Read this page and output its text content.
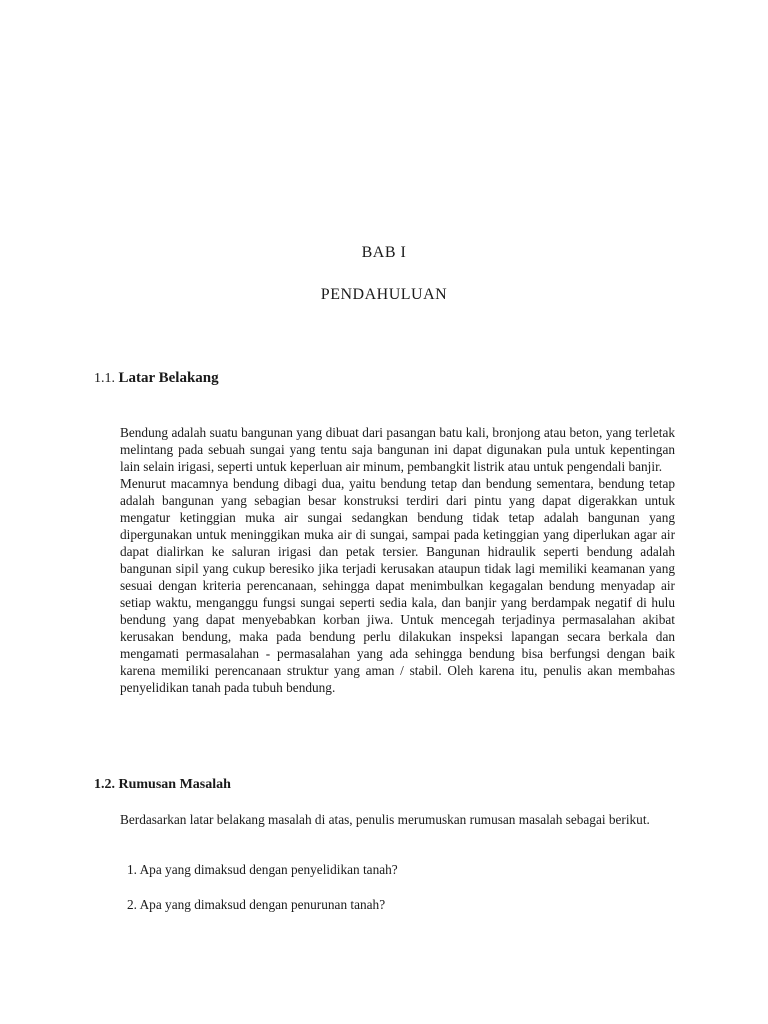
BAB I
PENDAHULUAN
1.1. Latar Belakang

Bendung adalah suatu bangunan yang dibuat dari pasangan batu kali, bronjong atau beton, yang terletak melintang pada sebuah sungai yang tentu saja bangunan ini dapat digunakan pula untuk kepentingan lain selain irigasi, seperti untuk keperluan air minum, pembangkit listrik atau untuk pengendali banjir.

Menurut macamnya bendung dibagi dua, yaitu bendung tetap dan bendung sementara, bendung tetap adalah bangunan yang sebagian besar konstruksi terdiri dari pintu yang dapat digerakkan untuk mengatur ketinggian muka air sungai sedangkan bendung tidak tetap adalah bangunan yang dipergunakan untuk meninggikan muka air di sungai, sampai pada ketinggian yang diperlukan agar air dapat dialirkan ke saluran irigasi dan petak tersier. Bangunan hidraulik seperti bendung adalah bangunan sipil yang cukup beresiko jika terjadi kerusakan ataupun tidak lagi memiliki keamanan yang sesuai dengan kriteria perencanaan, sehingga dapat menimbulkan kegagalan bendung menyadap air setiap waktu, menganggu fungsi sungai seperti sedia kala, dan banjir yang berdampak negatif di hulu bendung yang dapat menyebabkan korban jiwa. Untuk mencegah terjadinya permasalahan akibat kerusakan bendung, maka pada bendung perlu dilakukan inspeksi lapangan secara berkala dan mengamati permasalahan - permasalahan yang ada sehingga bendung bisa berfungsi dengan baik karena memiliki perencanaan struktur yang aman / stabil. Oleh karena itu, penulis akan membahas penyelidikan tanah pada tubuh bendung.

1.2. Rumusan Masalah

Berdasarkan latar belakang masalah di atas, penulis merumuskan rumusan masalah sebagai berikut.

1. Apa yang dimaksud dengan penyelidikan tanah?
2. Apa yang dimaksud dengan penurunan tanah?
